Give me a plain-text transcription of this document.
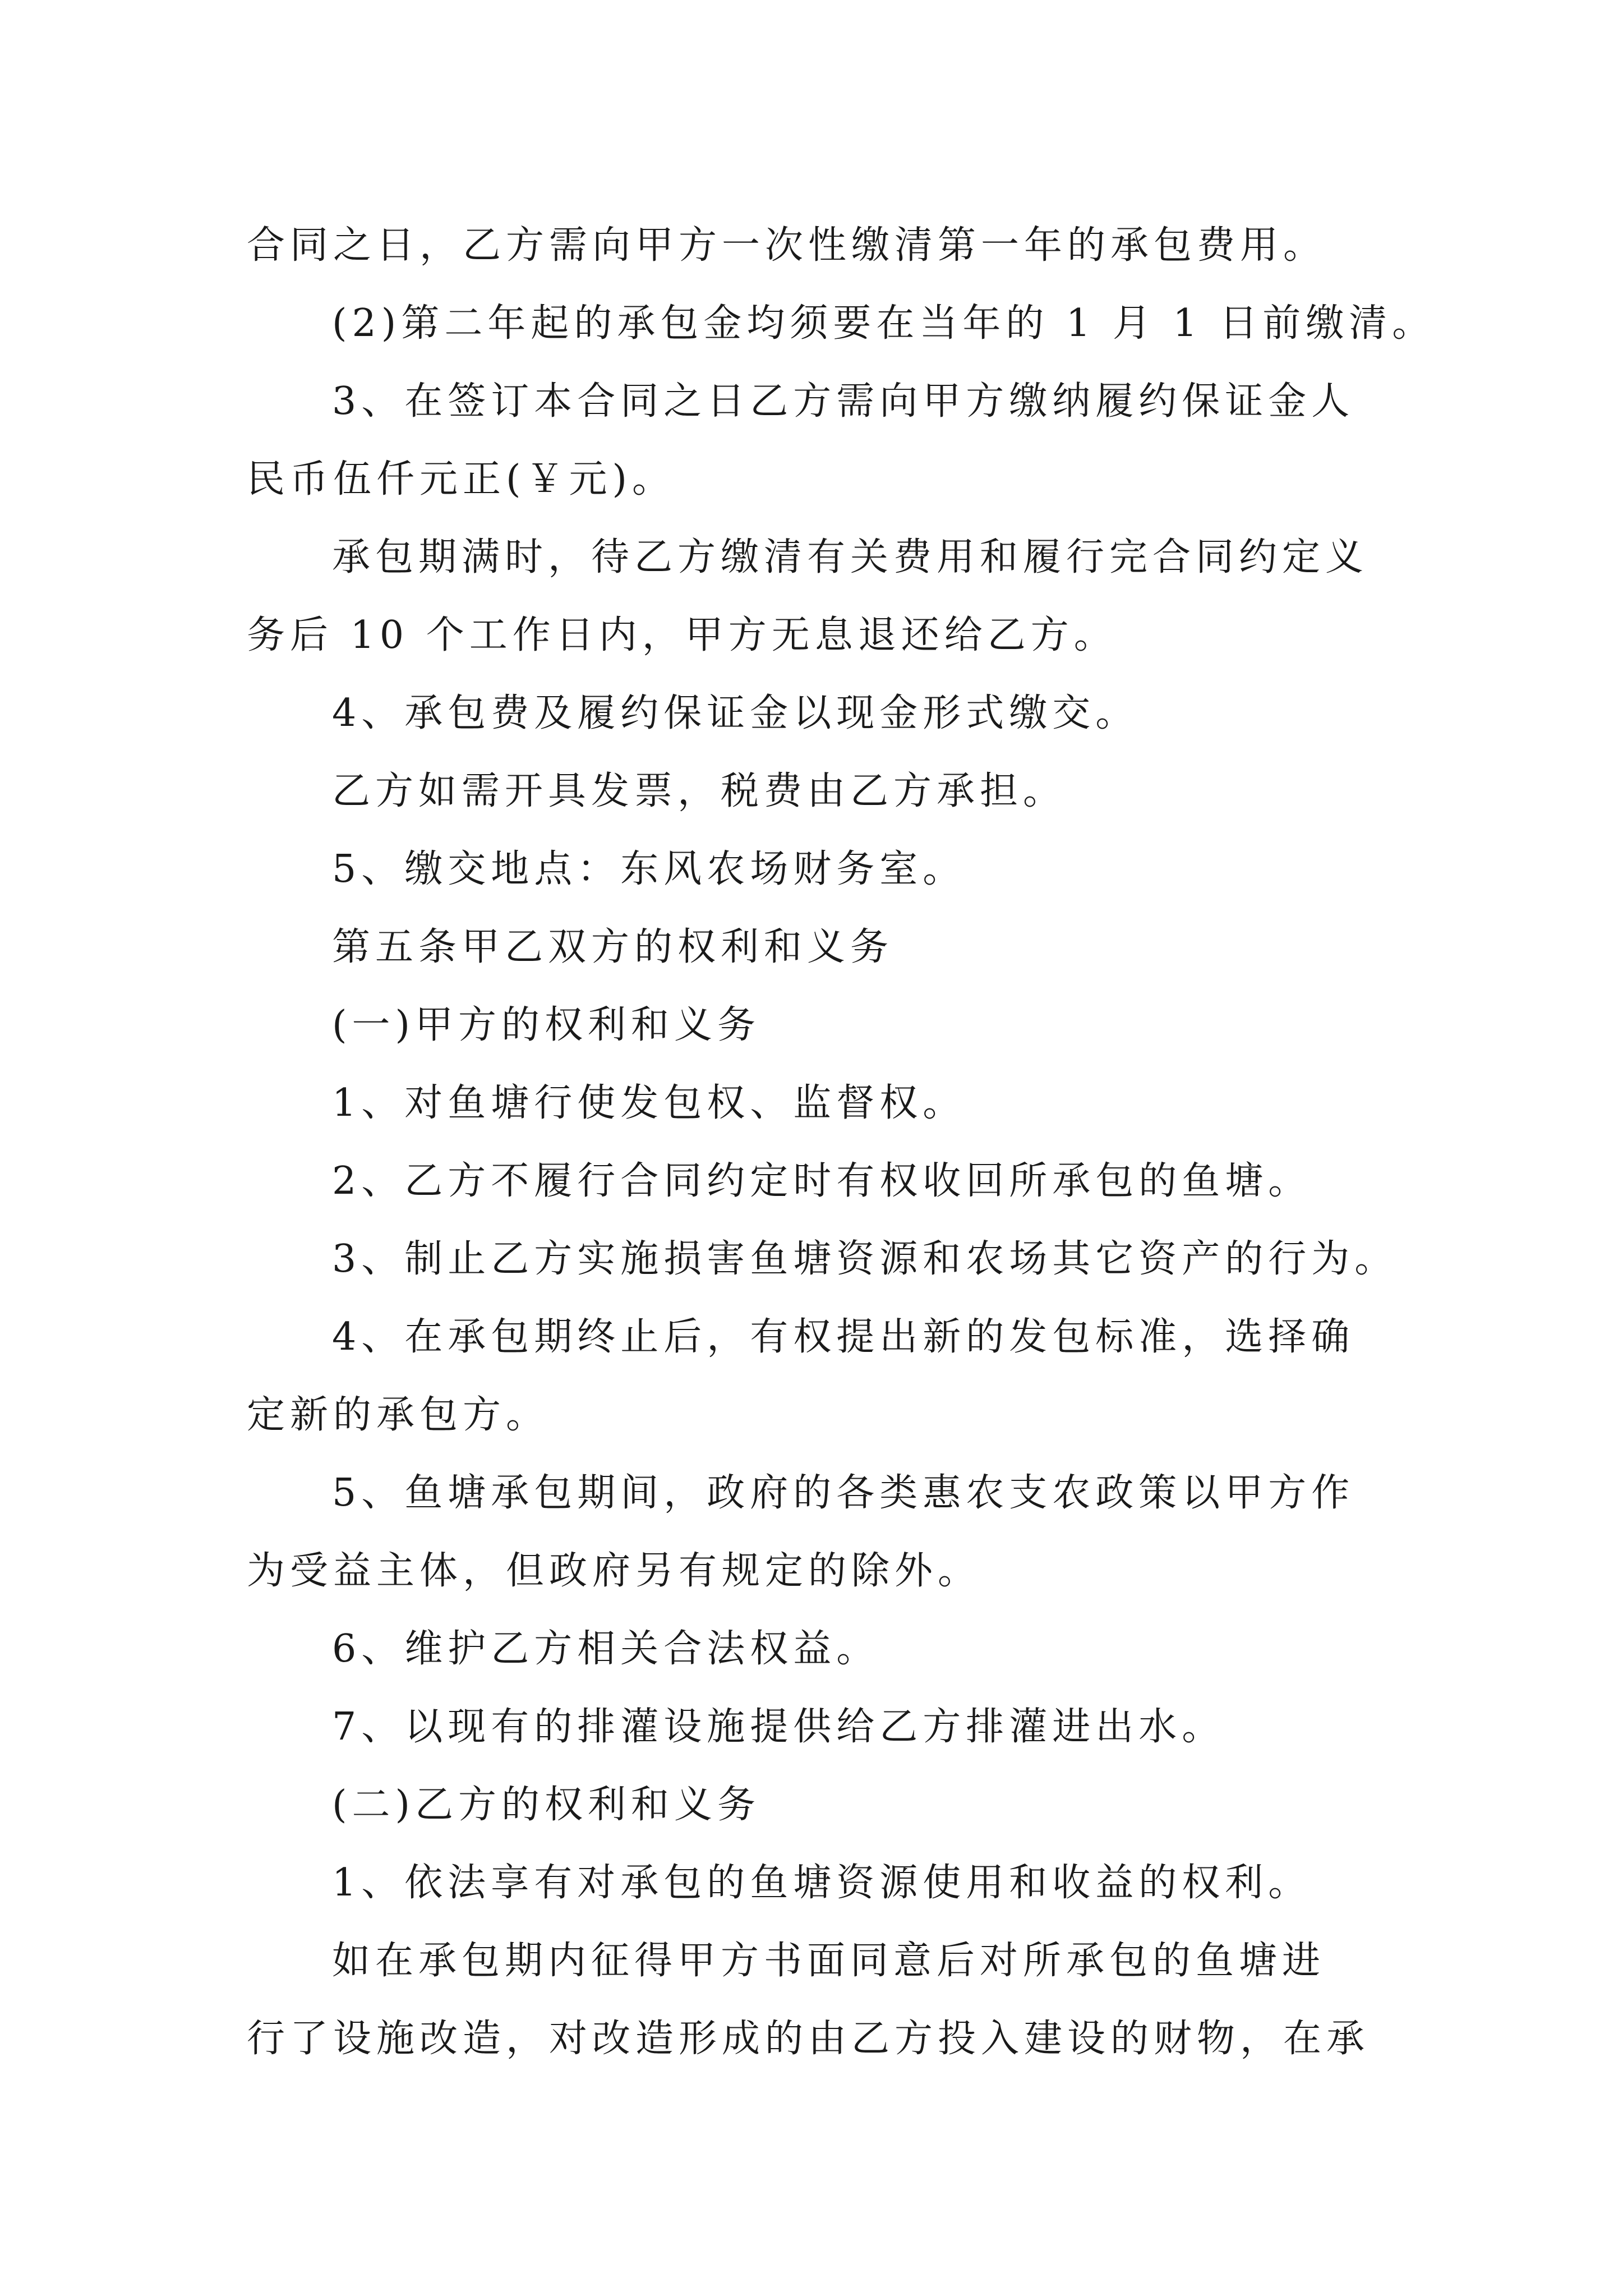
合同之日，乙方需向甲方一次性缴清第一年的承包费用。
(2)第二年起的承包金均须要在当年的 1 月 1 日前缴清。
3、在签订本合同之日乙方需向甲方缴纳履约保证金人
民币伍仟元正(￥元)。
承包期满时，待乙方缴清有关费用和履行完合同约定义
务后 10 个工作日内，甲方无息退还给乙方。
4、承包费及履约保证金以现金形式缴交。
乙方如需开具发票，税费由乙方承担。
5、缴交地点：东风农场财务室。
第五条甲乙双方的权利和义务
(一)甲方的权利和义务
1、对鱼塘行使发包权、监督权。
2、乙方不履行合同约定时有权收回所承包的鱼塘。
3、制止乙方实施损害鱼塘资源和农场其它资产的行为。
4、在承包期终止后，有权提出新的发包标准，选择确
定新的承包方。
5、鱼塘承包期间，政府的各类惠农支农政策以甲方作
为受益主体，但政府另有规定的除外。
6、维护乙方相关合法权益。
7、以现有的排灌设施提供给乙方排灌进出水。
(二)乙方的权利和义务
1、依法享有对承包的鱼塘资源使用和收益的权利。
如在承包期内征得甲方书面同意后对所承包的鱼塘进
行了设施改造，对改造形成的由乙方投入建设的财物，在承
